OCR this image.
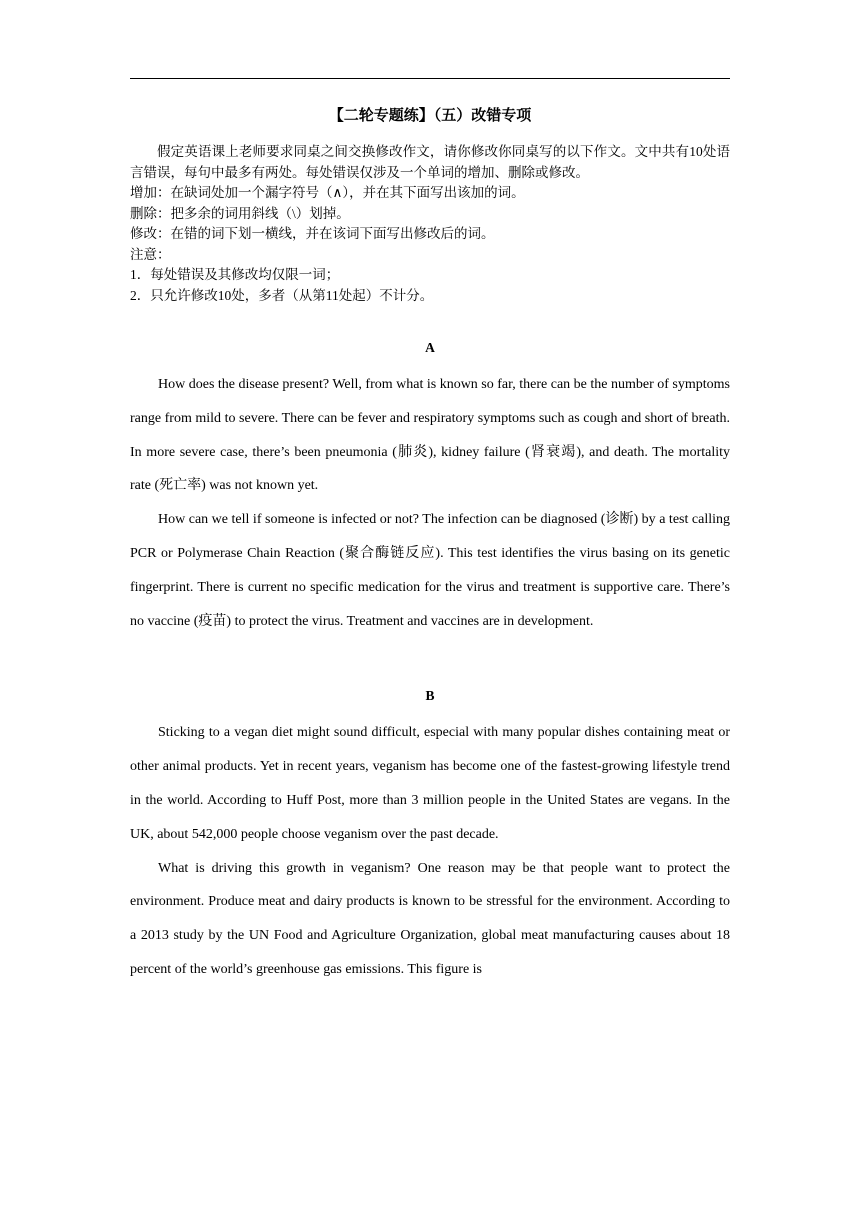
【二轮专题练】（五）改错专项

假定英语课上老师要求同桌之间交换修改作文，请你修改你同桌写的以下作文。文中共有10处语言错误，每句中最多有两处。每处错误仅涉及一个单词的增加、删除或修改。

增加：在缺词处加一个漏字符号（∧），并在其下面写出该加的词。

删除：把多余的词用斜线（\）划掉。

修改：在错的词下划一横线，并在该词下面写出修改后的词。

注意：

1．每处错误及其修改均仅限一词；

2．只允许修改10处，多者（从第11处起）不计分。

A

How does the disease present? Well, from what is known so far, there can be the number of symptoms range from mild to severe. There can be fever and respiratory symptoms such as cough and short of breath. In more severe case, there’s been pneumonia (肺炎), kidney failure (肾衰竭), and death. The mortality rate (死亡率) was not known yet.

How can we tell if someone is infected or not? The infection can be diagnosed (诊断) by a test calling PCR or Polymerase Chain Reaction (聚合酶链反应). This test identifies the virus basing on its genetic fingerprint. There is current no specific medication for the virus and treatment is supportive care. There’s no vaccine (疫苗) to protect the virus. Treatment and vaccines are in development.

B

Sticking to a vegan diet might sound difficult, especial with many popular dishes containing meat or other animal products. Yet in recent years, veganism has become one of the fastest-growing lifestyle trend in the world. According to Huff Post, more than 3 million people in the United States are vegans. In the UK, about 542,000 people choose veganism over the past decade.

What is driving this growth in veganism? One reason may be that people want to protect the environment. Produce meat and dairy products is known to be stressful for the environment. According to a 2013 study by the UN Food and Agriculture Organization, global meat manufacturing causes about 18 percent of the world’s greenhouse gas emissions. This figure is
